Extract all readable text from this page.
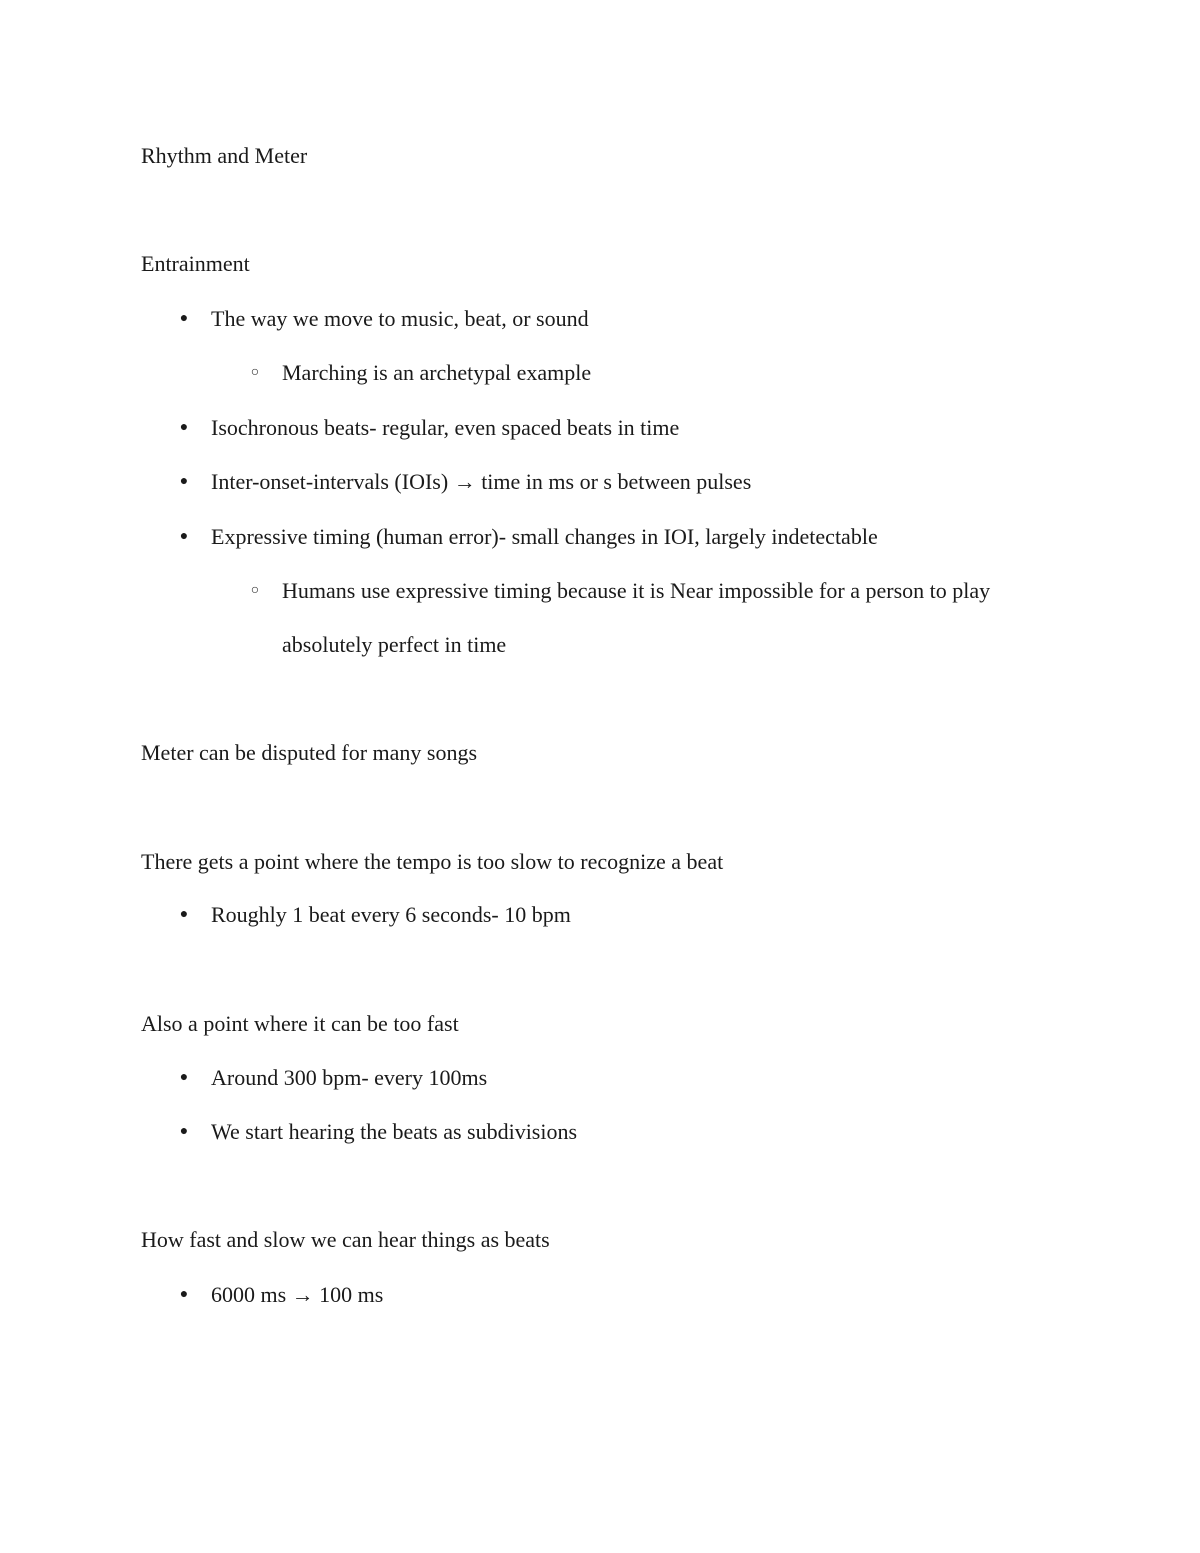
Rhythm and Meter
Entrainment
● The way we move to music, beat, or sound
○ Marching is an archetypal example
● Isochronous beats- regular, even spaced beats in time
● Inter-onset-intervals (IOIs) → time in ms or s between pulses
● Expressive timing (human error)- small changes in IOI, largely indetectable
○ Humans use expressive timing because it is Near impossible for a person to play
absolutely perfect in time
Meter can be disputed for many songs
There gets a point where the tempo is too slow to recognize a beat
● Roughly 1 beat every 6 seconds- 10 bpm
Also a point where it can be too fast
● Around 300 bpm- every 100ms
● We start hearing the beats as subdivisions
How fast and slow we can hear things as beats
● 6000 ms → 100 ms
